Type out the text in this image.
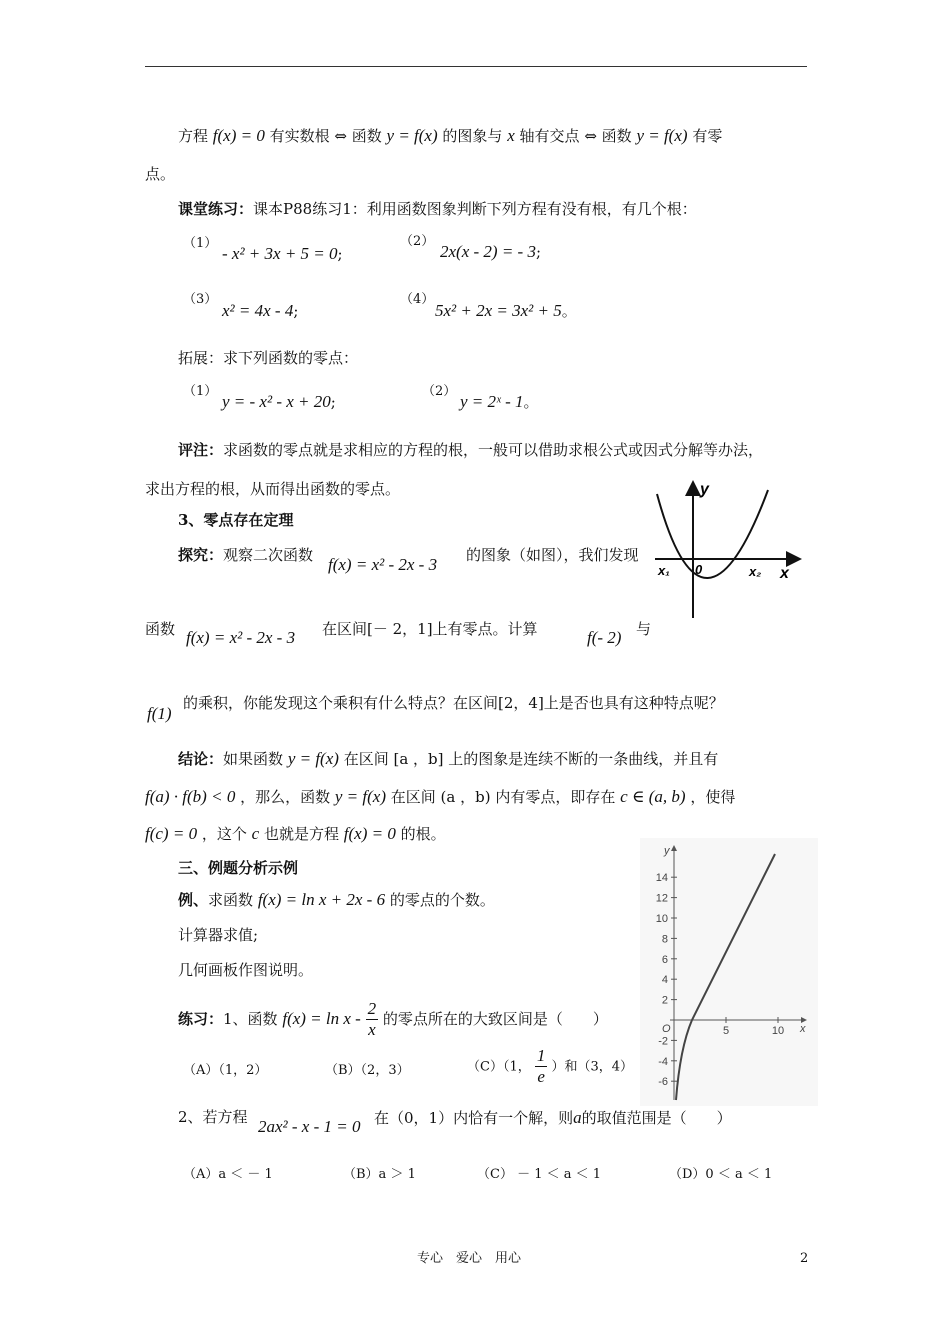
方程 f(x) = 0 有实数根 ⇔ 函数 y = f(x) 的图象与 x 轴有交点 ⇔ 函数 y = f(x) 有零
点。
课堂练习：课本P88练习1：利用函数图象判断下列方程有没有根，有几个根：
（1）
- x² + 3x + 5 = 0;
（2）
2x(x - 2) = - 3;
（3）
x² = 4x - 4;
（4）
5x² + 2x = 3x² + 5。
拓展：求下列函数的零点：
（1）
y = - x² - x + 20;
（2）
y = 2ˣ - 1。
评注：求函数的零点就是求相应的方程的根，一般可以借助求根公式或因式分解等办法，
求出方程的根，从而得出函数的零点。
3、零点存在定理
探究：观察二次函数 f(x) = x² - 2x - 3 的图象（如图），我们发现
函数 f(x) = x² - 2x - 3 在区间[－ 2，1]上有零点。计算	f(- 2) 与
f(1)
的乘积，你能发现这个乘积有什么特点？在区间[2，4]上是否也具有这种特点呢？
y
x
x₁ 0	x₂
结论：如果函数 y = f(x) 在区间 [a ，b] 上的图象是连续不断的一条曲线，并且有
f(a) · f(b) < 0 ，那么，函数 y = f(x) 在区间 (a ，b) 内有零点，即存在 c ∈ (a, b) ，使得
f(c) = 0 ，这个 c 也就是方程 f(x) = 0 的根。
三、例题分析示例
例、求函数 f(x) = ln x + 2x - 6 的零点的个数。
计算器求值;
几何画板作图说明。
练习：1、函数 $f(x) = \ln x - \frac{2}{x}$ 的零点所在的大致区间是（　　）
（A）（1，2）	（B）（2，3）	（C）（1， $\frac{1}{e}$ ）和（3，4）
2、若方程 2ax² - x - 1 = 0 在（0，1）内恰有一个解，则a的取值范围是（　　）
（A）a ＜ － 1	（B）a ＞ 1	（C） － 1 ＜ a ＜ 1	（D）0 ＜ a ＜ 1
14
12
10
8
6
4
2
-2
-4
-6
5	10
y
x
O
专心　爱心　用心	2
